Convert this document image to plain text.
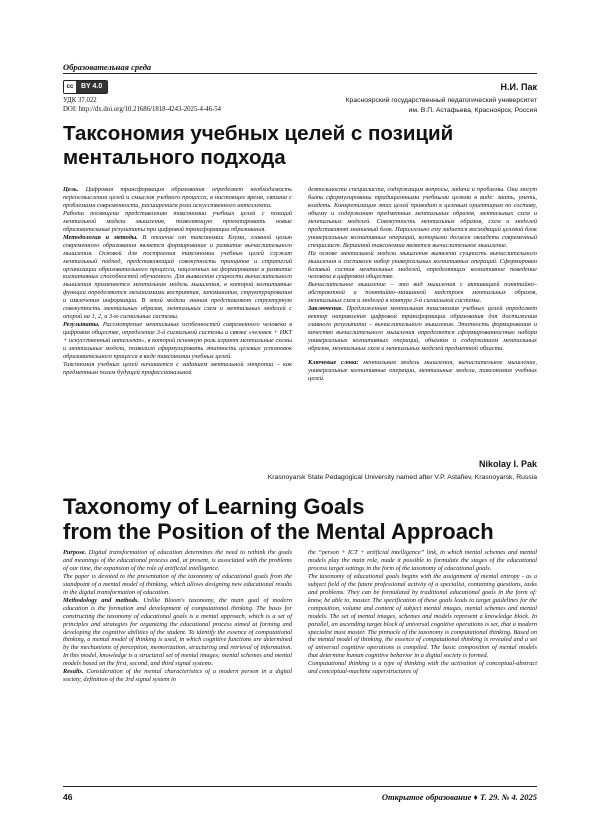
Образовательная среда
cc	BY 4.0
УДК 37.022
DOI: http://dx.doi.org/10.21686/1818-4243-2025-4-46-54
Н.И. Пак
Красноярский государственный педагогический университет
им. В.П. Астафьева, Красноярск, Россия
Таксономия учебных целей с позиций
ментального подхода

Цель. Цифровая трансформация образования определяет необходимость переосмысления целей и смыслов учебного процесса, в настоящее время, связана с проблемами современности, расширением роли искусственного интеллекта.

Работа посвящена представлению таксономии учебных целей с позиций ментальной модели мышления, позволяющую проектировать новые образовательные результаты при цифровой трансформации образования.

Методология и методы. В отличие от таксономии Блума, главной целью современного образования является формирование и развитие вычислительного мышления. Основой для построения таксономии учебных целей служит ментальный подход, представляющий совокупность принципов и стратегий организации образовательного процесса, нацеленных на формирование и развитие когнитивных способностей обучаемого. Для выявления сущности вычислительного мышления применяется ментальная модель мышления, в которой когнитивные функции определяются механизмами восприятия, запоминания, структурирования и извлечения информации. В этой модели знания представляют структурную совокупность ментальных образов, ментальных схем и ментальных моделей с опорой на 1, 2, и 3-ю сигнальные системы.

Результаты. Рассмотрение ментальных особенностей современного человека в цифровом обществе, определение 3-й сигнальной системы и связке «человек + ИКТ + искусственный интеллект», в которой основную роль играют ментальные схемы и ментальные модели, позволило сформулировать этапность целевых установок образовательного процесса в виде таксономии учебных целей.

Таксономия учебных целей начинается с заданием ментальной энтропии – как предметным полем будущей профессиональной

деятельности специалиста, содержащим вопросы, задачи и проблемы. Они могут быть сформулированы традиционными учебными целями в виде: знать, уметь, владеть. Конкретизация этих целей приводит к целевым ориентирам по составу, объему и содержанию предметных ментальных образов, ментальных схем и ментальных моделей. Совокупность ментальных образов, схем и моделей представляют знаниевый блок. Параллельно ему задается восходящий целевой блок универсальных когнитивных операций, которыми должен овладеть современный специалист. Вершиной таксономии является вычислительное мышление.

На основе ментальной модели мышления выявлена сущность вычислительного мышления и составлен набор универсальных когнитивных операций. Сформирован базовый состав ментальных моделей, определяющих когнитивное поведение человека в цифровом обществе.

Вычислительное мышление – это вид мышления с активацией понятийно–абстрактной и понятийно–машинной надстроек ментальных образов, ментальных схем и моделей в контуре 3-й сигнальной системы.

Заключение. Предложенная ментальная таксономия учебных целей определяет вектор направления цифровой трансформации образования для достижения главного результата – вычислительного мышления. Этапность формирования и качество вычислительного мышления определяется сформированностью набора универсальных когнитивных операций, объемом и содержанием ментальных образов, ментальных схем и ментальных моделей предметной области.

Ключевые слова: ментальная модель мышления, вычислительное мышление, универсальные когнитивные операции, ментальные модели, таксономия учебных целей.

Nikolay I. Pak
Krasnoyarsk State Pedagogical University named after V.P. Astafiev, Krasnoyarsk, Russia
Taxonomy of Learning Goals
from the Position of the Mental Approach

Purpose. Digital transformation of education determines the need to rethink the goals and meanings of the educational process and, at present, is associated with the problems of our time, the expansion of the role of artificial intelligence.

The paper is devoted to the presentation of the taxonomy of educational goals from the standpoint of a mental model of thinking, which allows designing new educational results in the digital transformation of education.

Methodology and methods. Unlike Bloom's taxonomy, the main goal of modern education is the formation and development of computational thinking. The basis for constructing the taxonomy of educational goals is a mental approach, which is a set of principles and strategies for organizing the educational process aimed at forming and developing the cognitive abilities of the student. To identify the essence of computational thinking, a mental model of thinking is used, in which cognitive functions are determined by the mechanisms of perception, memorization, structuring and retrieval of information. In this model, knowledge is a structural set of mental images; mental schemes and mental models based on the first, second, and third signal systems.

Results. Consideration of the mental characteristics of a modern person in a digital society, definition of the 3rd signal system in

the “person + ICT + artificial intelligence” link, in which mental schemes and mental models play the main role, made it possible to formulate the stages of the educational process target settings in the form of the taxonomy of educational goals.

The taxonomy of educational goals begins with the assignment of mental entropy - as a subject field of the future professional activity of a specialist, containing questions, tasks and problems. They can be formulated by traditional educational goals in the form of: know, be able to, master. The specification of these goals leads to target guidelines for the composition, volume and content of subject mental images, mental schemes and mental models. The set of mental images, schemes and models represent a knowledge block. In parallel, an ascending target block of universal cognitive operations is set, that a modern specialist must master. The pinnacle of the taxonomy is computational thinking. Based on the mental model of thinking, the essence of computational thinking is revealed and a set of universal cognitive operations is compiled. The basic composition of mental models that determine human cognitive behavior in a digital society is formed.

Computational thinking is a type of thinking with the activation of conceptual-abstract and conceptual-machine superstructures of

46	Открытое образование ♦ Т. 29. № 4. 2025
